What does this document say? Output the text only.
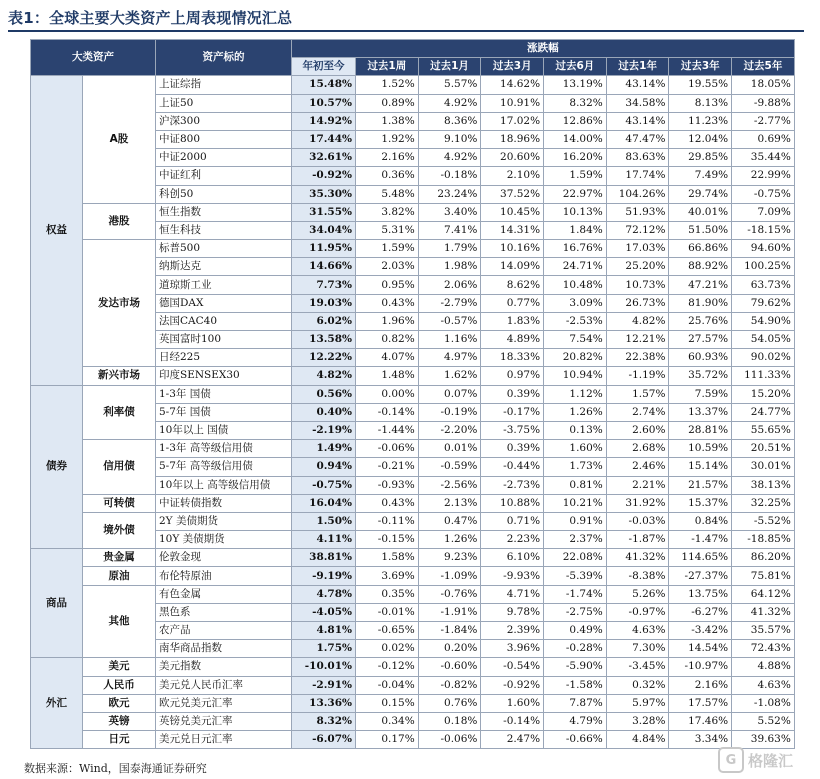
表1：全球主要大类资产上周表现情况汇总
大类资产		资产标的	涨跌幅							
			年初至今	过去1周	过去1月	过去3月	过去6月	过去1年	过去3年	过去5年
权益	A股	上证综指	15.48%	1.52%	5.57%	14.62%	13.19%	43.14%	19.55%	18.05%
		上证50	10.57%	0.89%	4.92%	10.91%	8.32%	34.58%	8.13%	-9.88%
		沪深300	14.92%	1.38%	8.36%	17.02%	12.86%	43.14%	11.23%	-2.77%
		中证800	17.44%	1.92%	9.10%	18.96%	14.00%	47.47%	12.04%	0.69%
		中证2000	32.61%	2.16%	4.92%	20.60%	16.20%	83.63%	29.85%	35.44%
		中证红利	-0.92%	0.36%	-0.18%	2.10%	1.59%	17.74%	7.49%	22.99%
		科创50	35.30%	5.48%	23.24%	37.52%	22.97%	104.26%	29.74%	-0.75%
	港股	恒生指数	31.55%	3.82%	3.40%	10.45%	10.13%	51.93%	40.01%	7.09%
		恒生科技	34.04%	5.31%	7.41%	14.31%	1.84%	72.12%	51.50%	-18.15%
	发达市场	标普500	11.95%	1.59%	1.79%	10.16%	16.76%	17.03%	66.86%	94.60%
		纳斯达克	14.66%	2.03%	1.98%	14.09%	24.71%	25.20%	88.92%	100.25%
		道琼斯工业	7.73%	0.95%	2.06%	8.62%	10.48%	10.73%	47.21%	63.73%
		德国DAX	19.03%	0.43%	-2.79%	0.77%	3.09%	26.73%	81.90%	79.62%
		法国CAC40	6.02%	1.96%	-0.57%	1.83%	-2.53%	4.82%	25.76%	54.90%
		英国富时100	13.58%	0.82%	1.16%	4.89%	7.54%	12.21%	27.57%	54.05%
		日经225	12.22%	4.07%	4.97%	18.33%	20.82%	22.38%	60.93%	90.02%
	新兴市场	印度SENSEX30	4.82%	1.48%	1.62%	0.97%	10.94%	-1.19%	35.72%	111.33%
债券	利率债	1-3年 国债	0.56%	0.00%	0.07%	0.39%	1.12%	1.57%	7.59%	15.20%
		5-7年 国债	0.40%	-0.14%	-0.19%	-0.17%	1.26%	2.74%	13.37%	24.77%
		10年以上 国债	-2.19%	-1.44%	-2.20%	-3.75%	0.13%	2.60%	28.81%	55.65%
	信用债	1-3年 高等级信用债	1.49%	-0.06%	0.01%	0.39%	1.60%	2.68%	10.59%	20.51%
		5-7年 高等级信用债	0.94%	-0.21%	-0.59%	-0.44%	1.73%	2.46%	15.14%	30.01%
		10年以上 高等级信用债	-0.75%	-0.93%	-2.56%	-2.73%	0.81%	2.21%	21.57%	38.13%
	可转债	中证转债指数	16.04%	0.43%	2.13%	10.88%	10.21%	31.92%	15.37%	32.25%
	境外债	2Y 美债期货	1.50%	-0.11%	0.47%	0.71%	0.91%	-0.03%	0.84%	-5.52%
		10Y 美债期货	4.11%	-0.15%	1.26%	2.23%	2.37%	-1.87%	-1.47%	-18.85%
商品	贵金属	伦敦金现	38.81%	1.58%	9.23%	6.10%	22.08%	41.32%	114.65%	86.20%
	原油	布伦特原油	-9.19%	3.69%	-1.09%	-9.93%	-5.39%	-8.38%	-27.37%	75.81%
	其他	有色金属	4.78%	0.35%	-0.76%	4.71%	-1.74%	5.26%	13.75%	64.12%
		黑色系	-4.05%	-0.01%	-1.91%	9.78%	-2.75%	-0.97%	-6.27%	41.32%
		农产品	4.81%	-0.65%	-1.84%	2.39%	0.49%	4.63%	-3.42%	35.57%
		南华商品指数	1.75%	0.02%	0.20%	3.96%	-0.28%	7.30%	14.54%	72.43%
外汇	美元	美元指数	-10.01%	-0.12%	-0.60%	-0.54%	-5.90%	-3.45%	-10.97%	4.88%
	人民币	美元兑人民币汇率	-2.91%	-0.04%	-0.82%	-0.92%	-1.58%	0.32%	2.16%	4.63%
	欧元	欧元兑美元汇率	13.36%	0.15%	0.76%	1.60%	7.87%	5.97%	17.57%	-1.08%
	英镑	英镑兑美元汇率	8.32%	0.34%	0.18%	-0.14%	4.79%	3.28%	17.46%	5.52%
	日元	美元兑日元汇率	-6.07%	0.17%	-0.06%	2.47%	-0.66%	4.84%	3.34%	39.63%
数据来源：Wind，国泰海通证券研究
G 格隆汇
